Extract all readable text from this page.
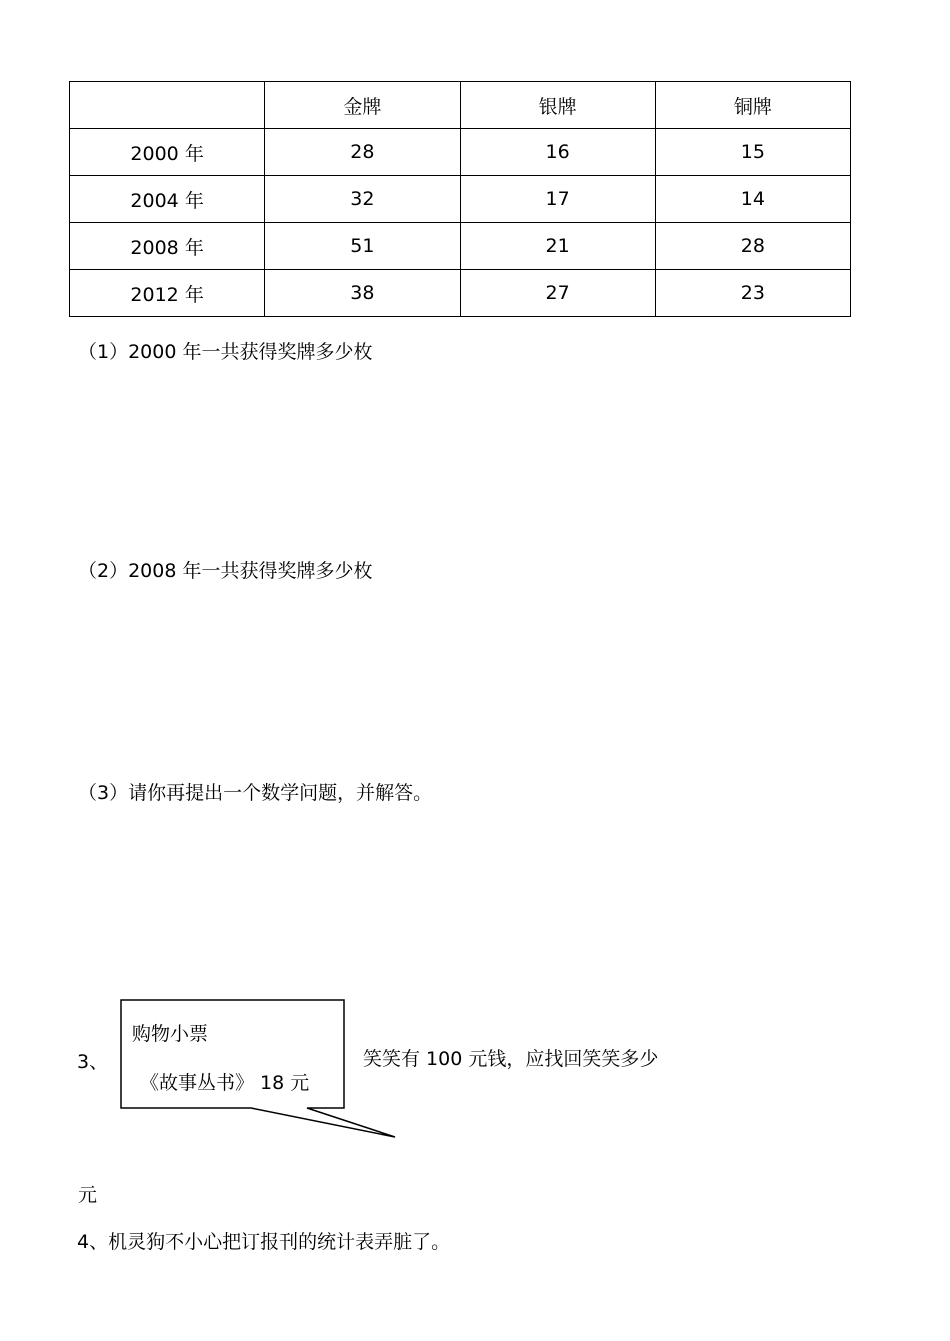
	金牌	银牌	铜牌
2000 年	28	16	15
2004 年	32	17	14
2008 年	51	21	28
2012 年	38	27	23
（1）2000 年一共获得奖牌多少枚
（2）2008 年一共获得奖牌多少枚
（3）请你再提出一个数学问题，并解答。
3、
购物小票
《故事丛书》 18 元
笑笑有 100 元钱，应找回笑笑多少
元
4、机灵狗不小心把订报刊的统计表弄脏了。
